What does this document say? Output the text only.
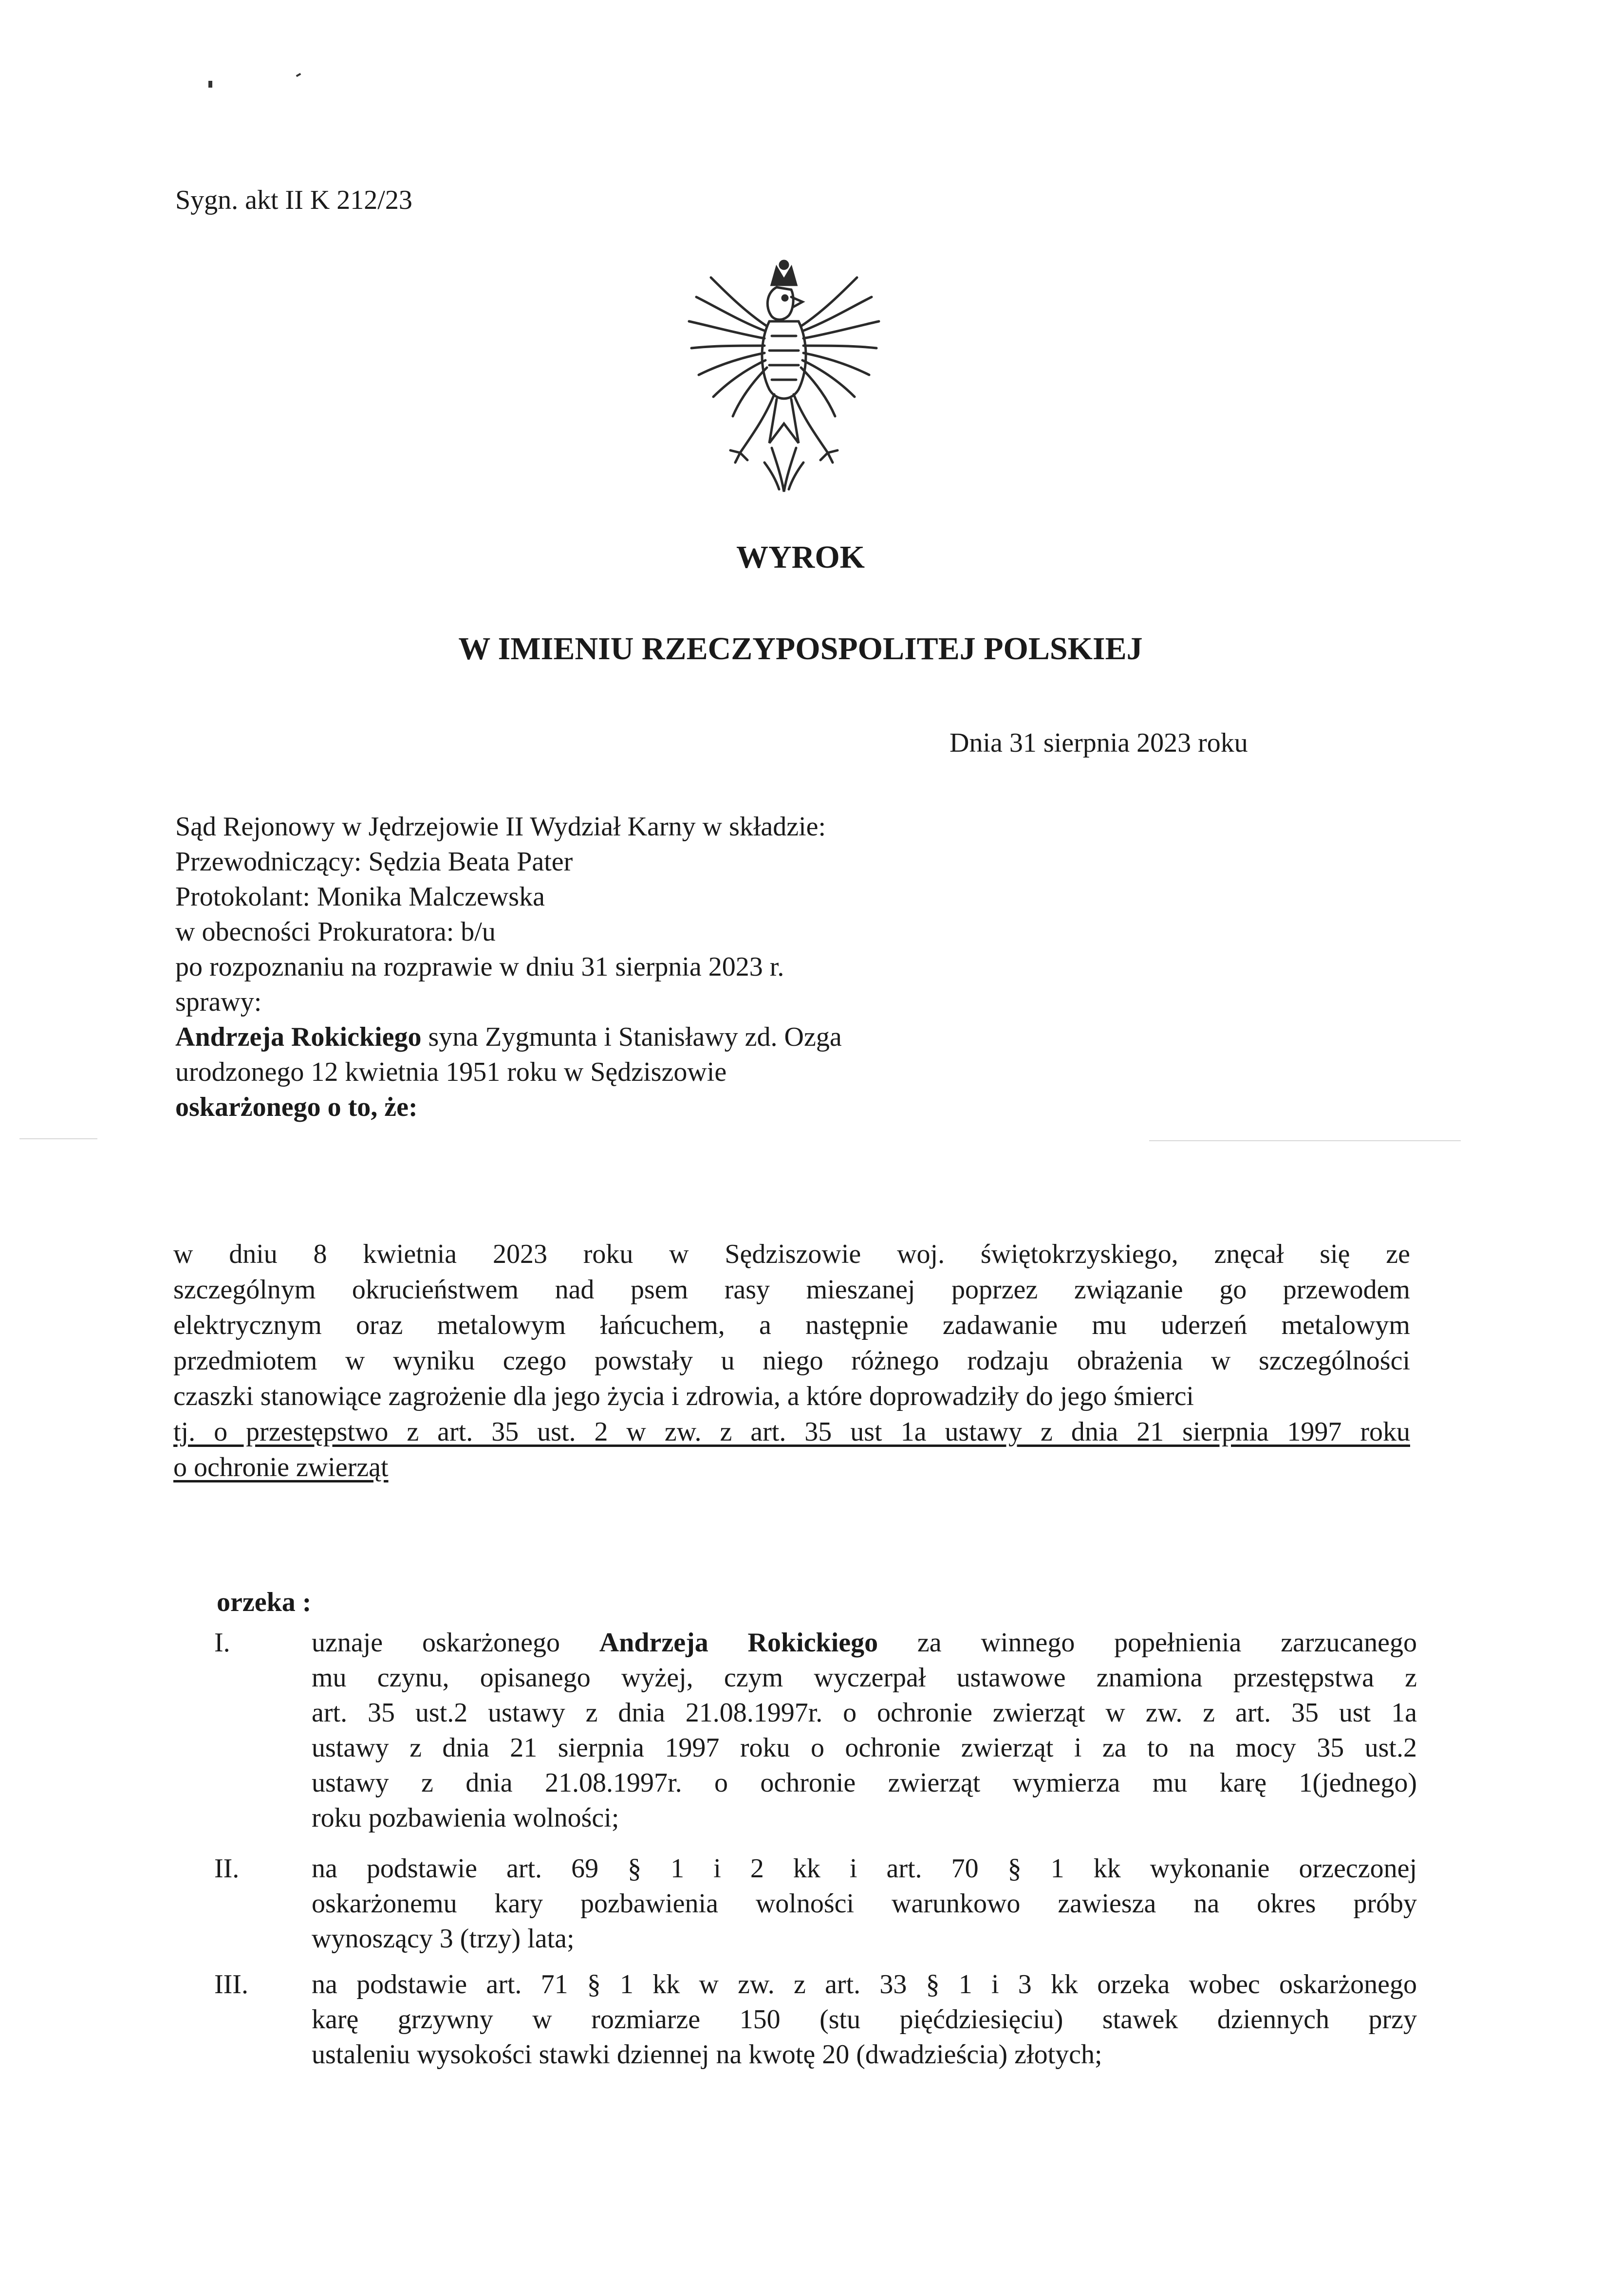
Sygn. akt II K 212/23

WYROK

W IMIENIU RZECZYPOSPOLITEJ POLSKIEJ

Dnia 31 sierpnia 2023 roku

Sąd Rejonowy w Jędrzejowie II Wydział Karny w składzie:
Przewodniczący: Sędzia Beata Pater
Protokolant: Monika Malczewska
w obecności Prokuratora: b/u
po rozpoznaniu na rozprawie w dniu 31 sierpnia 2023 r.
sprawy:
Andrzeja Rokickiego syna Zygmunta i Stanisławy zd. Ozga
urodzonego 12 kwietnia 1951 roku w Sędziszowie
oskarżonego o to, że:
w dniu 8 kwietnia 2023 roku w Sędziszowie woj. świętokrzyskiego, znęcał się ze
szczególnym okrucieństwem nad psem rasy mieszanej poprzez związanie go przewodem
elektrycznym oraz metalowym łańcuchem, a następnie zadawanie mu uderzeń metalowym
przedmiotem w wyniku czego powstały u niego różnego rodzaju obrażenia w szczególności
czaszki stanowiące zagrożenie dla jego życia i zdrowia, a które doprowadziły do jego śmierci
tj. o przestępstwo z art. 35 ust. 2 w zw. z art. 35 ust 1a ustawy z dnia 21 sierpnia 1997 roku
o ochronie zwierząt

orzeka :

I.	uznaje oskarżonego Andrzeja Rokickiego za winnego popełnienia zarzucanego
mu czynu, opisanego wyżej, czym wyczerpał ustawowe znamiona przestępstwa z
art. 35 ust.2 ustawy z dnia 21.08.1997r. o ochronie zwierząt w zw. z art. 35 ust 1a
ustawy z dnia 21 sierpnia 1997 roku o ochronie zwierząt i za to na mocy 35 ust.2
ustawy z dnia 21.08.1997r. o ochronie zwierząt wymierza mu karę 1(jednego)
roku pozbawienia wolności;
II.	na podstawie art. 69 § 1 i 2 kk i art. 70 § 1 kk wykonanie orzeczonej
oskarżonemu kary pozbawienia wolności warunkowo zawiesza na okres próby
wynoszący 3 (trzy) lata;
III. na podstawie art. 71 § 1 kk w zw. z art. 33 § 1 i 3 kk orzeka wobec oskarżonego
karę grzywny w rozmiarze 150 (stu pięćdziesięciu) stawek dziennych przy
ustaleniu wysokości stawki dziennej na kwotę 20 (dwadzieścia) złotych;
